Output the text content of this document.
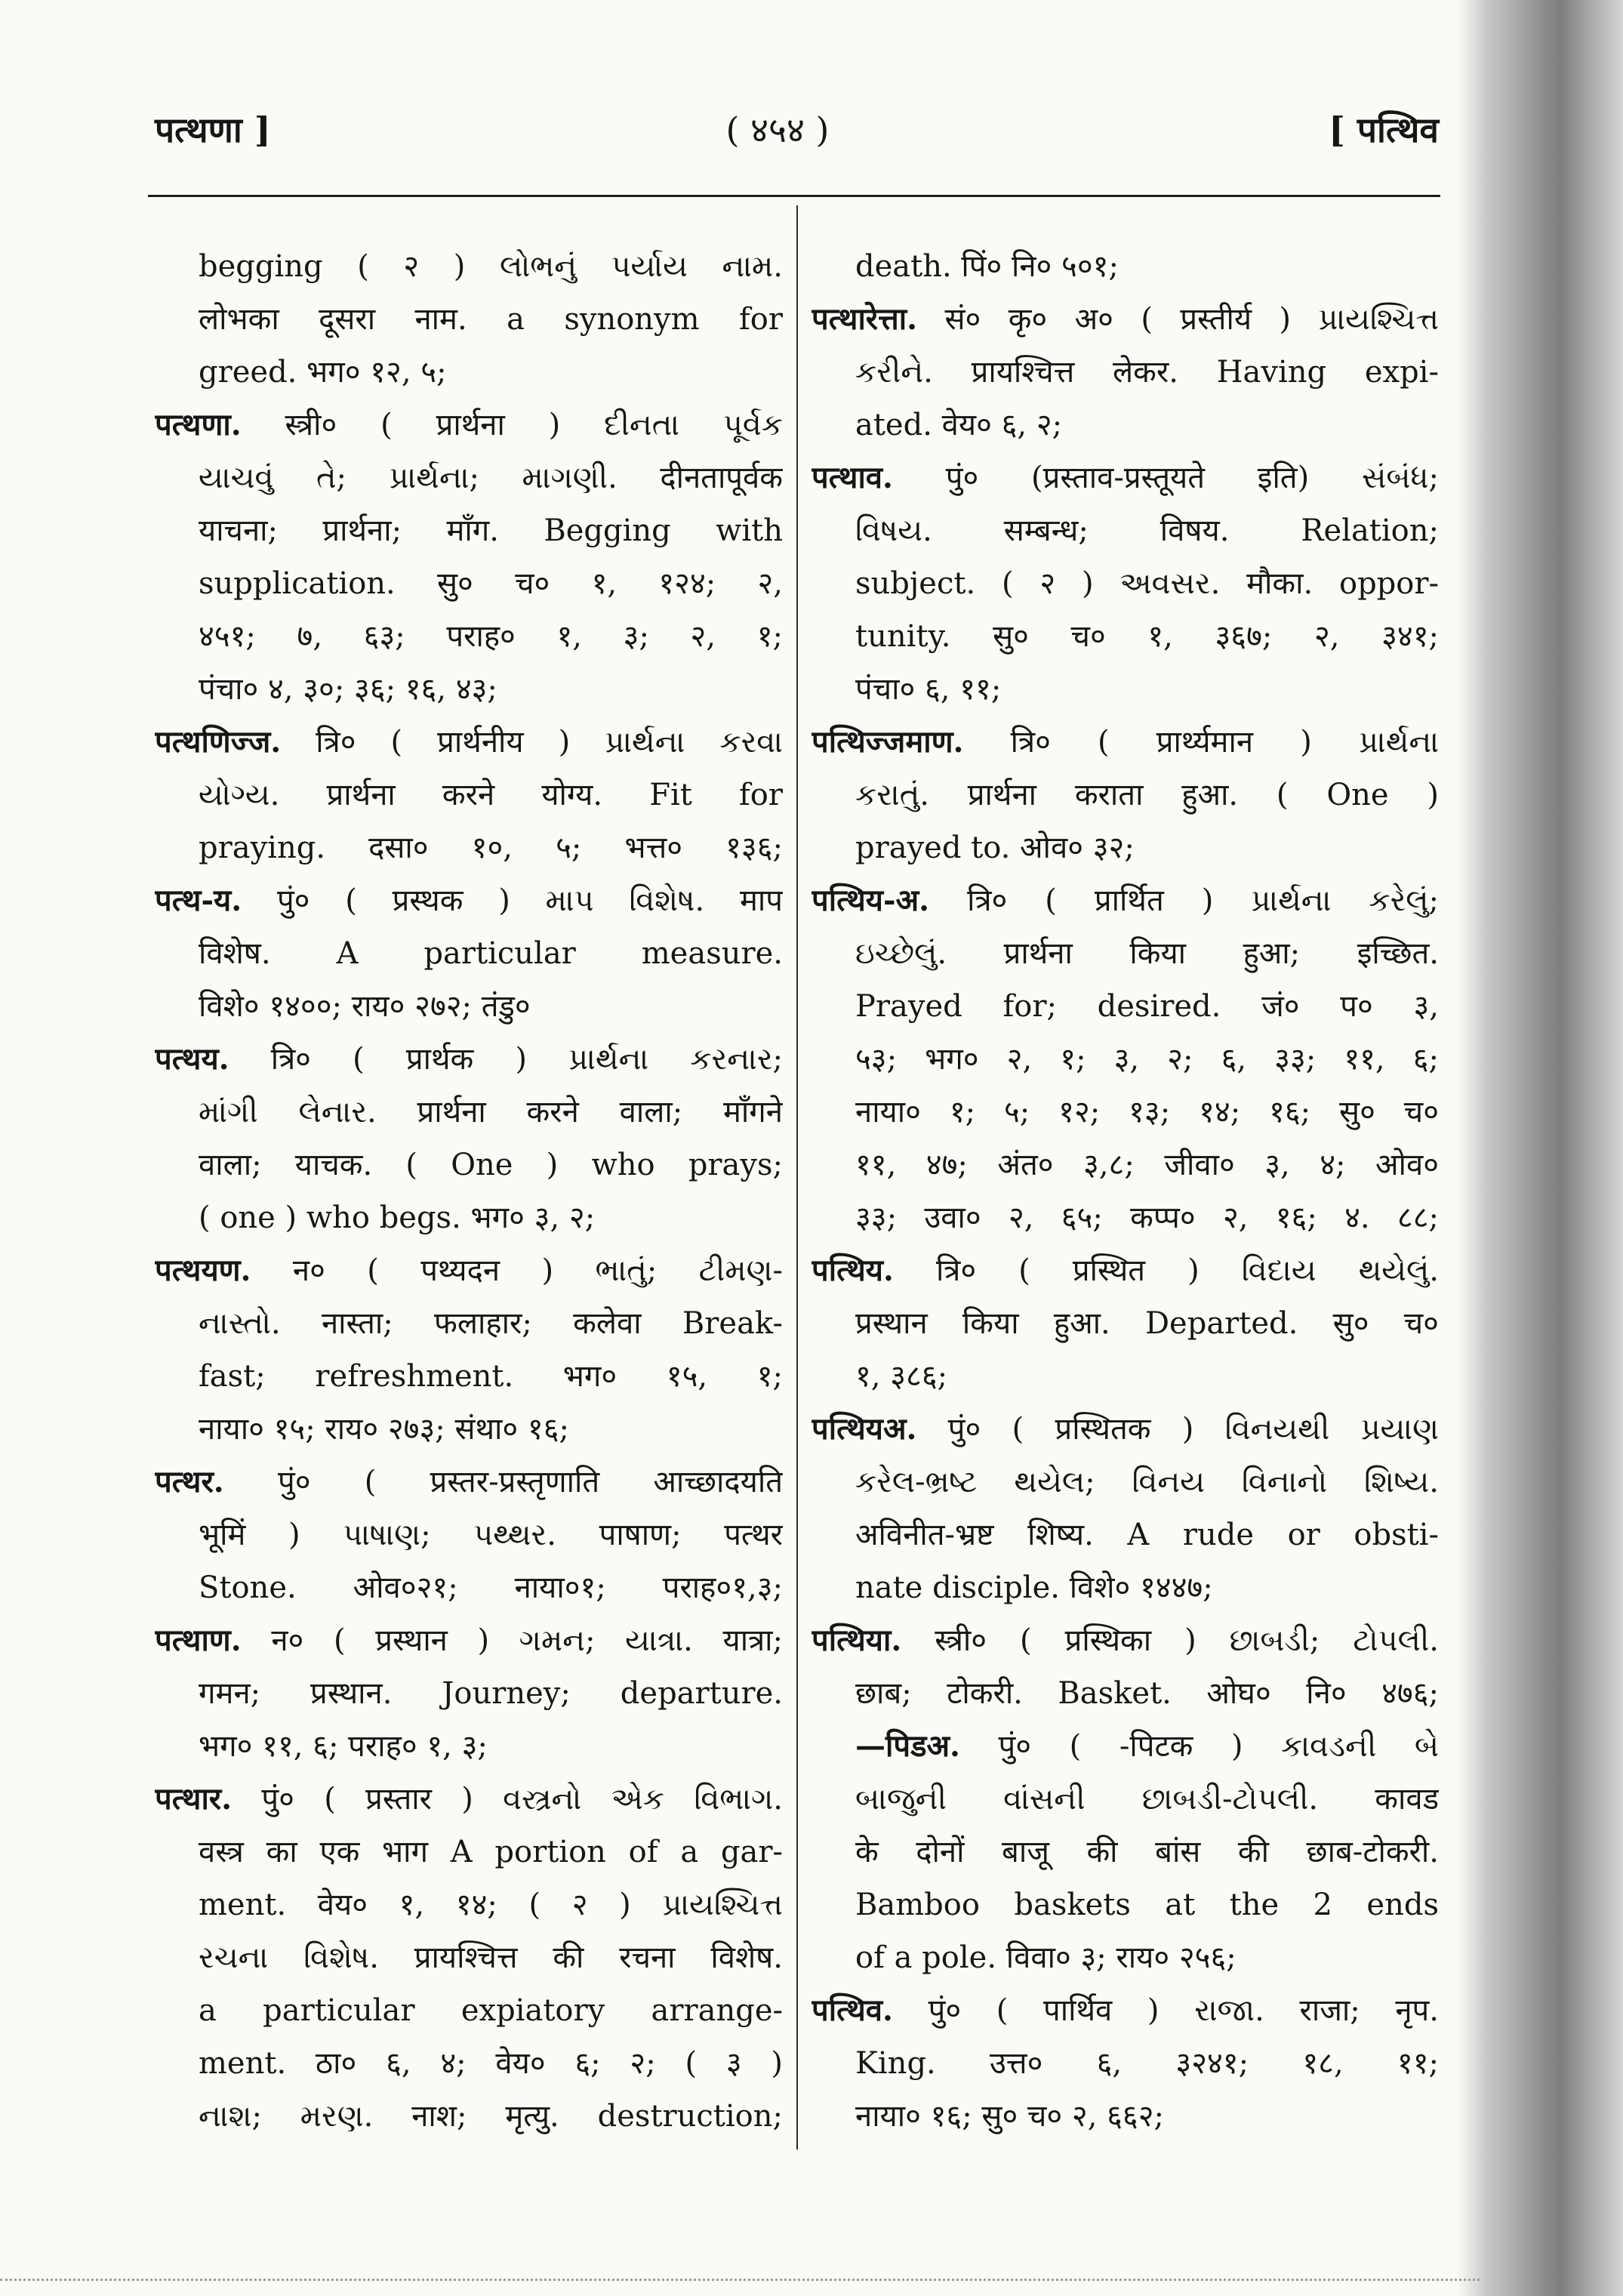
पत्थणा ]	( ४५४ )	[ पत्थिव
begging ( २ ) લોભનું પર્યાય નામ.
लोभका दूसरा नाम. a synonym for
greed. भग० १२, ५;
पत्थणा. स्त्री० ( प्रार्थना ) દીનતા પૂર્વક
યાચવું તે; પ્રાર્થના; માગણી. दीनतापूर्वक
याचना; प्रार्थना; माँग. Begging with
supplication. सु० च० १, १२४; २,
४५१; ७, ६३; पराह० १, ३; २, १;
पंचा० ४, ३०; ३६; १६, ४३;
पत्थणिज्ज. त्रि० ( प्रार्थनीय ) પ્રાર્થના કરવા
યોગ્ય. प्रार्थना करने योग्य. Fit for
praying. दसा० १०, ५; भत्त० १३६;
पत्थ-य. पुं० ( प्रस्थक ) માપ વિશેષ. माप
विशेष. A particular measure.
विशे० १४००; राय० २७२; तंडु०
पत्थय. त्रि० ( प्रार्थक ) પ્રાર્થના કરનાર;
માંગી લેનાર. प्रार्थना करने वाला; माँगने
वाला; याचक. ( One ) who prays;
( one ) who begs. भग० ३, २;
पत्थयण. न० ( पथ्यदन ) ભાતું; ટીમણ-
નાસ્તો. नास्ता; फलाहार; कलेवा Break-
fast; refreshment. भग० १५, १;
नाया० १५; राय० २७३; संथा० १६;
पत्थर. पुं० ( प्रस्तर-प्रस्तृणाति आच्छादयति
भूमिं ) પાષાણ; પથ્થર. पाषाण; पत्थर
Stone. ओव०२१; नाया०१; पराह०१,३;
पत्थाण. न० ( प्रस्थान ) ગમન; યાત્રા. यात्रा;
गमन; प्रस्थान. Journey; departure.
भग० ११, ६; पराह० १, ३;
पत्थार. पुं० ( प्रस्तार ) વસ્ત્રનો એક વિભાગ.
वस्त्र का एक भाग A portion of a gar-
ment. वेय० १, १४; ( २ ) પ્રાયશ્ચિત્ત
રચના વિશેષ. प्रायश्चित्त की रचना विशेष.
a particular expiatory arrange-
ment. ठा० ६, ४; वेय० ६; २; ( ३ )
નાશ; મરણ. नाश; मृत्यु. destruction;
death. पिं० नि० ५०१;
पत्थारेत्ता. सं० कृ० अ० ( प्रस्तीर्य ) પ્રાયશ્ચિત્ત
કરીને. प्रायश्चित्त लेकर. Having expi-
ated. वेय० ६, २;
पत्थाव. पुं० (प्रस्ताव-प्रस्तूयते इति) સંબંધ;
વિષય. सम्बन्ध; विषय. Relation;
subject. ( २ ) અવસર. मौका. oppor-
tunity. सु० च० १, ३६७; २, ३४१;
पंचा० ६, ११;
पत्थिज्जमाण. त्रि० ( प्रार्थ्यमान ) પ્રાર્થના
કરાતું. प्रार्थना कराता हुआ. ( One )
prayed to. ओव० ३२;
पत्थिय-अ. त्रि० ( प्रार्थित ) પ્રાર્થના કરેલું;
ઇચ્છેલું. प्रार्थना किया हुआ; इच्छित.
Prayed for; desired. जं० प० ३,
५३; भग० २, १; ३, २; ६, ३३; ११, ६;
नाया० १; ५; १२; १३; १४; १६; सु० च०
११, ४७; अंत० ३,८; जीवा० ३, ४; ओव०
३३; उवा० २, ६५; कप्प० २, १६; ४. ८८;
पत्थिय. त्रि० ( प्रस्थित ) વિદાય થયેલું.
प्रस्थान किया हुआ. Departed. सु० च०
१, ३८६;
पत्थियअ. पुं० ( प्रस्थितक ) વિનયથી પ્રયાણ
કરેલ-ભ્રષ્ટ થયેલ; વિનય વિનાનો શિષ્ય.
अविनीत-भ्रष्ट शिष्य. A rude or obsti-
nate disciple. विशे० १४४७;
पत्थिया. स्त्री० ( प्रस्थिका ) છાબડી; ટોપલી.
छाब; टोकरी. Basket. ओघ० नि० ४७६;
—पिडअ. पुं० ( -पिटक ) કાવડની બે
બાજુની વાંસની છાબડી-ટોપલી. कावड
के दोनों बाजू की बांस की छाब-टोकरी.
Bamboo baskets at the 2 ends
of a pole. विवा० ३; राय० २५६;
पत्थिव. पुं० ( पार्थिव ) રાજા. राजा; नृप.
King. उत्त० ६, ३२४१; १८, ११;
नाया० १६; सु० च० २, ६६२;
